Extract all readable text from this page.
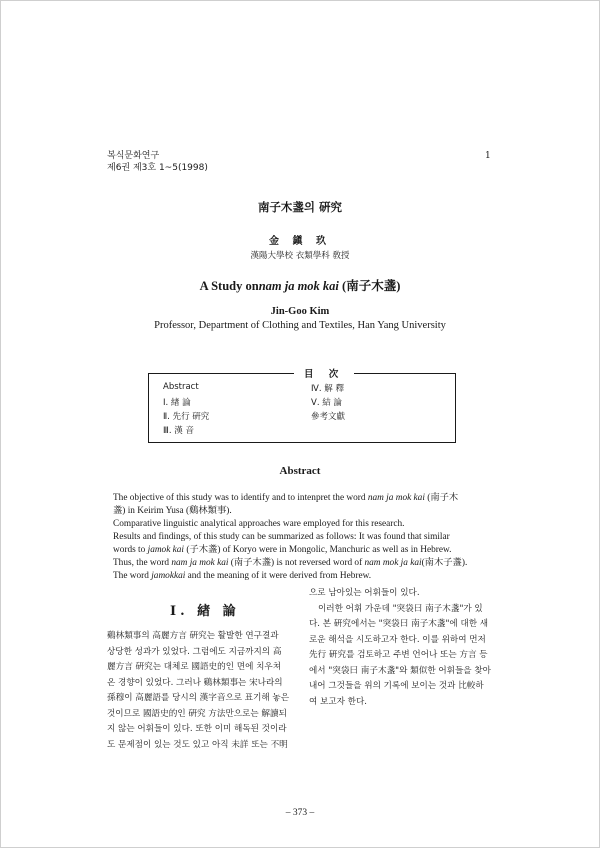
복식문화연구
제6권 제3호 1~5(1998)
1
南子木盞의 硏究
金 鎭 玖
漢陽大學校 衣類學科 敎授
A Study onnam ja mok kai (南子木盞)
Jin-Goo Kim
Professor, Department of Clothing and Textiles, Han Yang University
目 次
Abstract
Ⅰ. 緖 論
Ⅱ. 先行 硏究
Ⅲ. 漢 音
Ⅳ. 解 釋
Ⅴ. 結 論
參考文獻
Abstract
The objective of this study was to identify and to intenpret the word nam ja mok kai (南子木
盞) in Keirim Yusa (鷄林類事).
Comparative linguistic analytical approaches ware employed for this research.
Results and findings, of this study can be summarized as follows: It was found that similar
words to jamok kai (子木盞) of Koryo were in Mongolic, Manchuric as well as in Hebrew.
Thus, the word nam ja mok kai (南子木盞) is not reversed word of nam mok ja kai(南木子盞).
The word jamokkai and the meaning of it were derived from Hebrew.
Ⅰ. 緖 論
鷄林類事의 高麗方言 硏究는 활발한 연구결과
상당한 성과가 있었다. 그럼에도 지금까지의 高
麗方言 硏究는 대체로 國語史的인 면에 치우쳐
온 경향이 있었다. 그러나 鷄林類事는 宋나라의
孫穆이 高麗語를 당시의 漢字音으로 표기해 놓은
것이므로 國語史的인 硏究 方法만으로는 解讀되
지 않는 어휘들이 있다. 또한 이미 해독된 것이라
도 문제점이 있는 것도 있고 아직 未詳 또는 不明
으로 남아있는 어휘들이 있다.
이러한 어휘 가운데 "突袋曰 南子木盞"가 있
다. 본 硏究에서는 "突袋曰 南子木盞"에 대한 새
로운 해석을 시도하고자 한다. 이를 위하여 먼저
先行 硏究를 검토하고 주변 언어나 또는 方言 등
에서 "突袋曰 南子木盞"와 類似한 어휘들을 찾아
내어 그것들을 위의 기록에 보이는 것과 比較하
여 보고자 한다.
– 373 –
